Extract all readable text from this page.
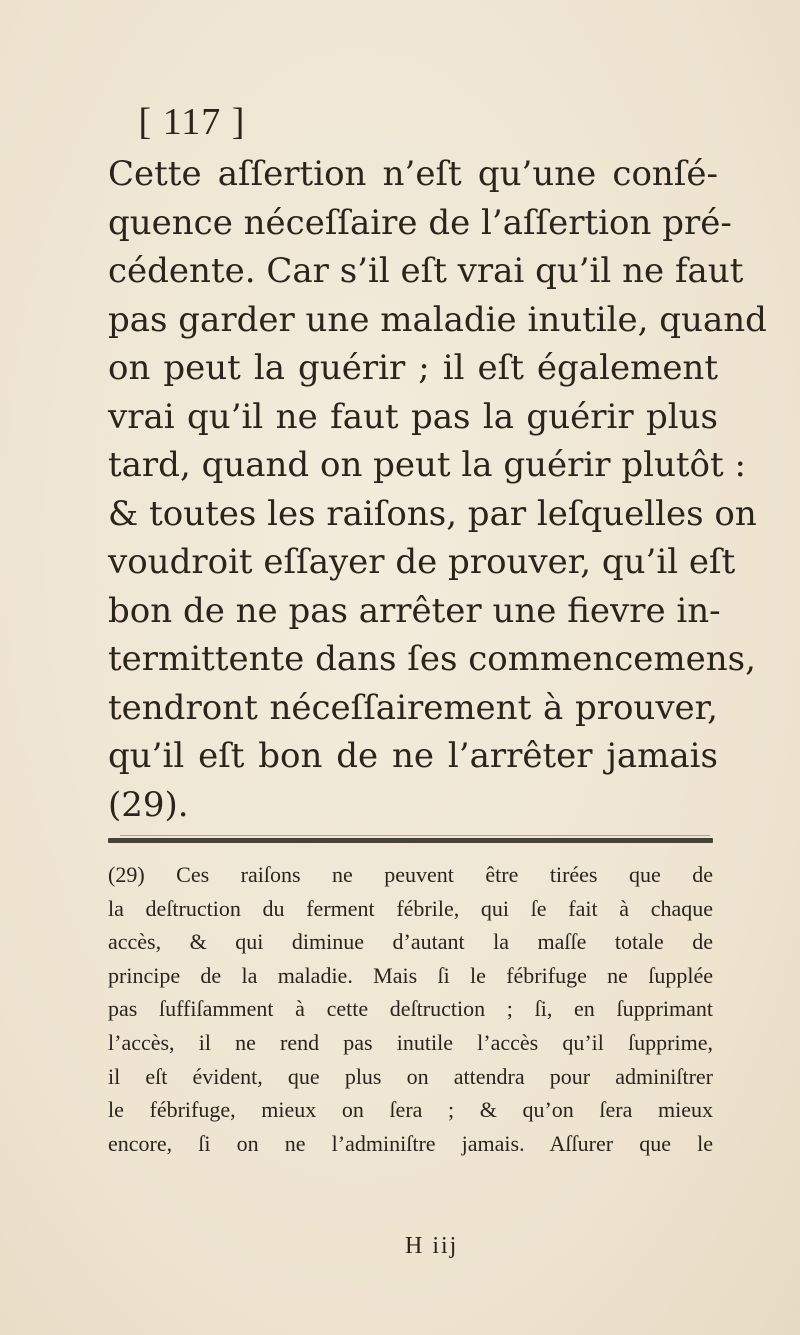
[ 117 ]
Cette aſſertion n’eſt qu’une conſé-
quence néceſſaire de l’aſſertion pré-
cédente. Car s’il eſt vrai qu’il ne faut
pas garder une maladie inutile, quand
on peut la guérir ; il eſt également
vrai qu’il ne faut pas la guérir plus
tard, quand on peut la guérir plutôt :
& toutes les raiſons, par leſquelles on
voudroit eſſayer de prouver, qu’il eſt
bon de ne pas arrêter une fievre in-
termittente dans ſes commencemens,
tendront néceſſairement à prouver,
qu’il eſt bon de ne l’arrêter jamais
(29).
(29) Ces raiſons ne peuvent être tirées que de
la deſtruction du ferment fébrile, qui ſe fait à chaque
accès, & qui diminue d’autant la maſſe totale de
principe de la maladie. Mais ſi le fébrifuge ne ſupplée
pas ſuffiſamment à cette deſtruction ; ſi, en ſupprimant
l’accès, il ne rend pas inutile l’accès qu’il ſupprime,
il eſt évident, que plus on attendra pour adminiſtrer
le fébrifuge, mieux on ſera ; & qu’on ſera mieux
encore, ſi on ne l’adminiſtre jamais. Aſſurer que le
H iij
